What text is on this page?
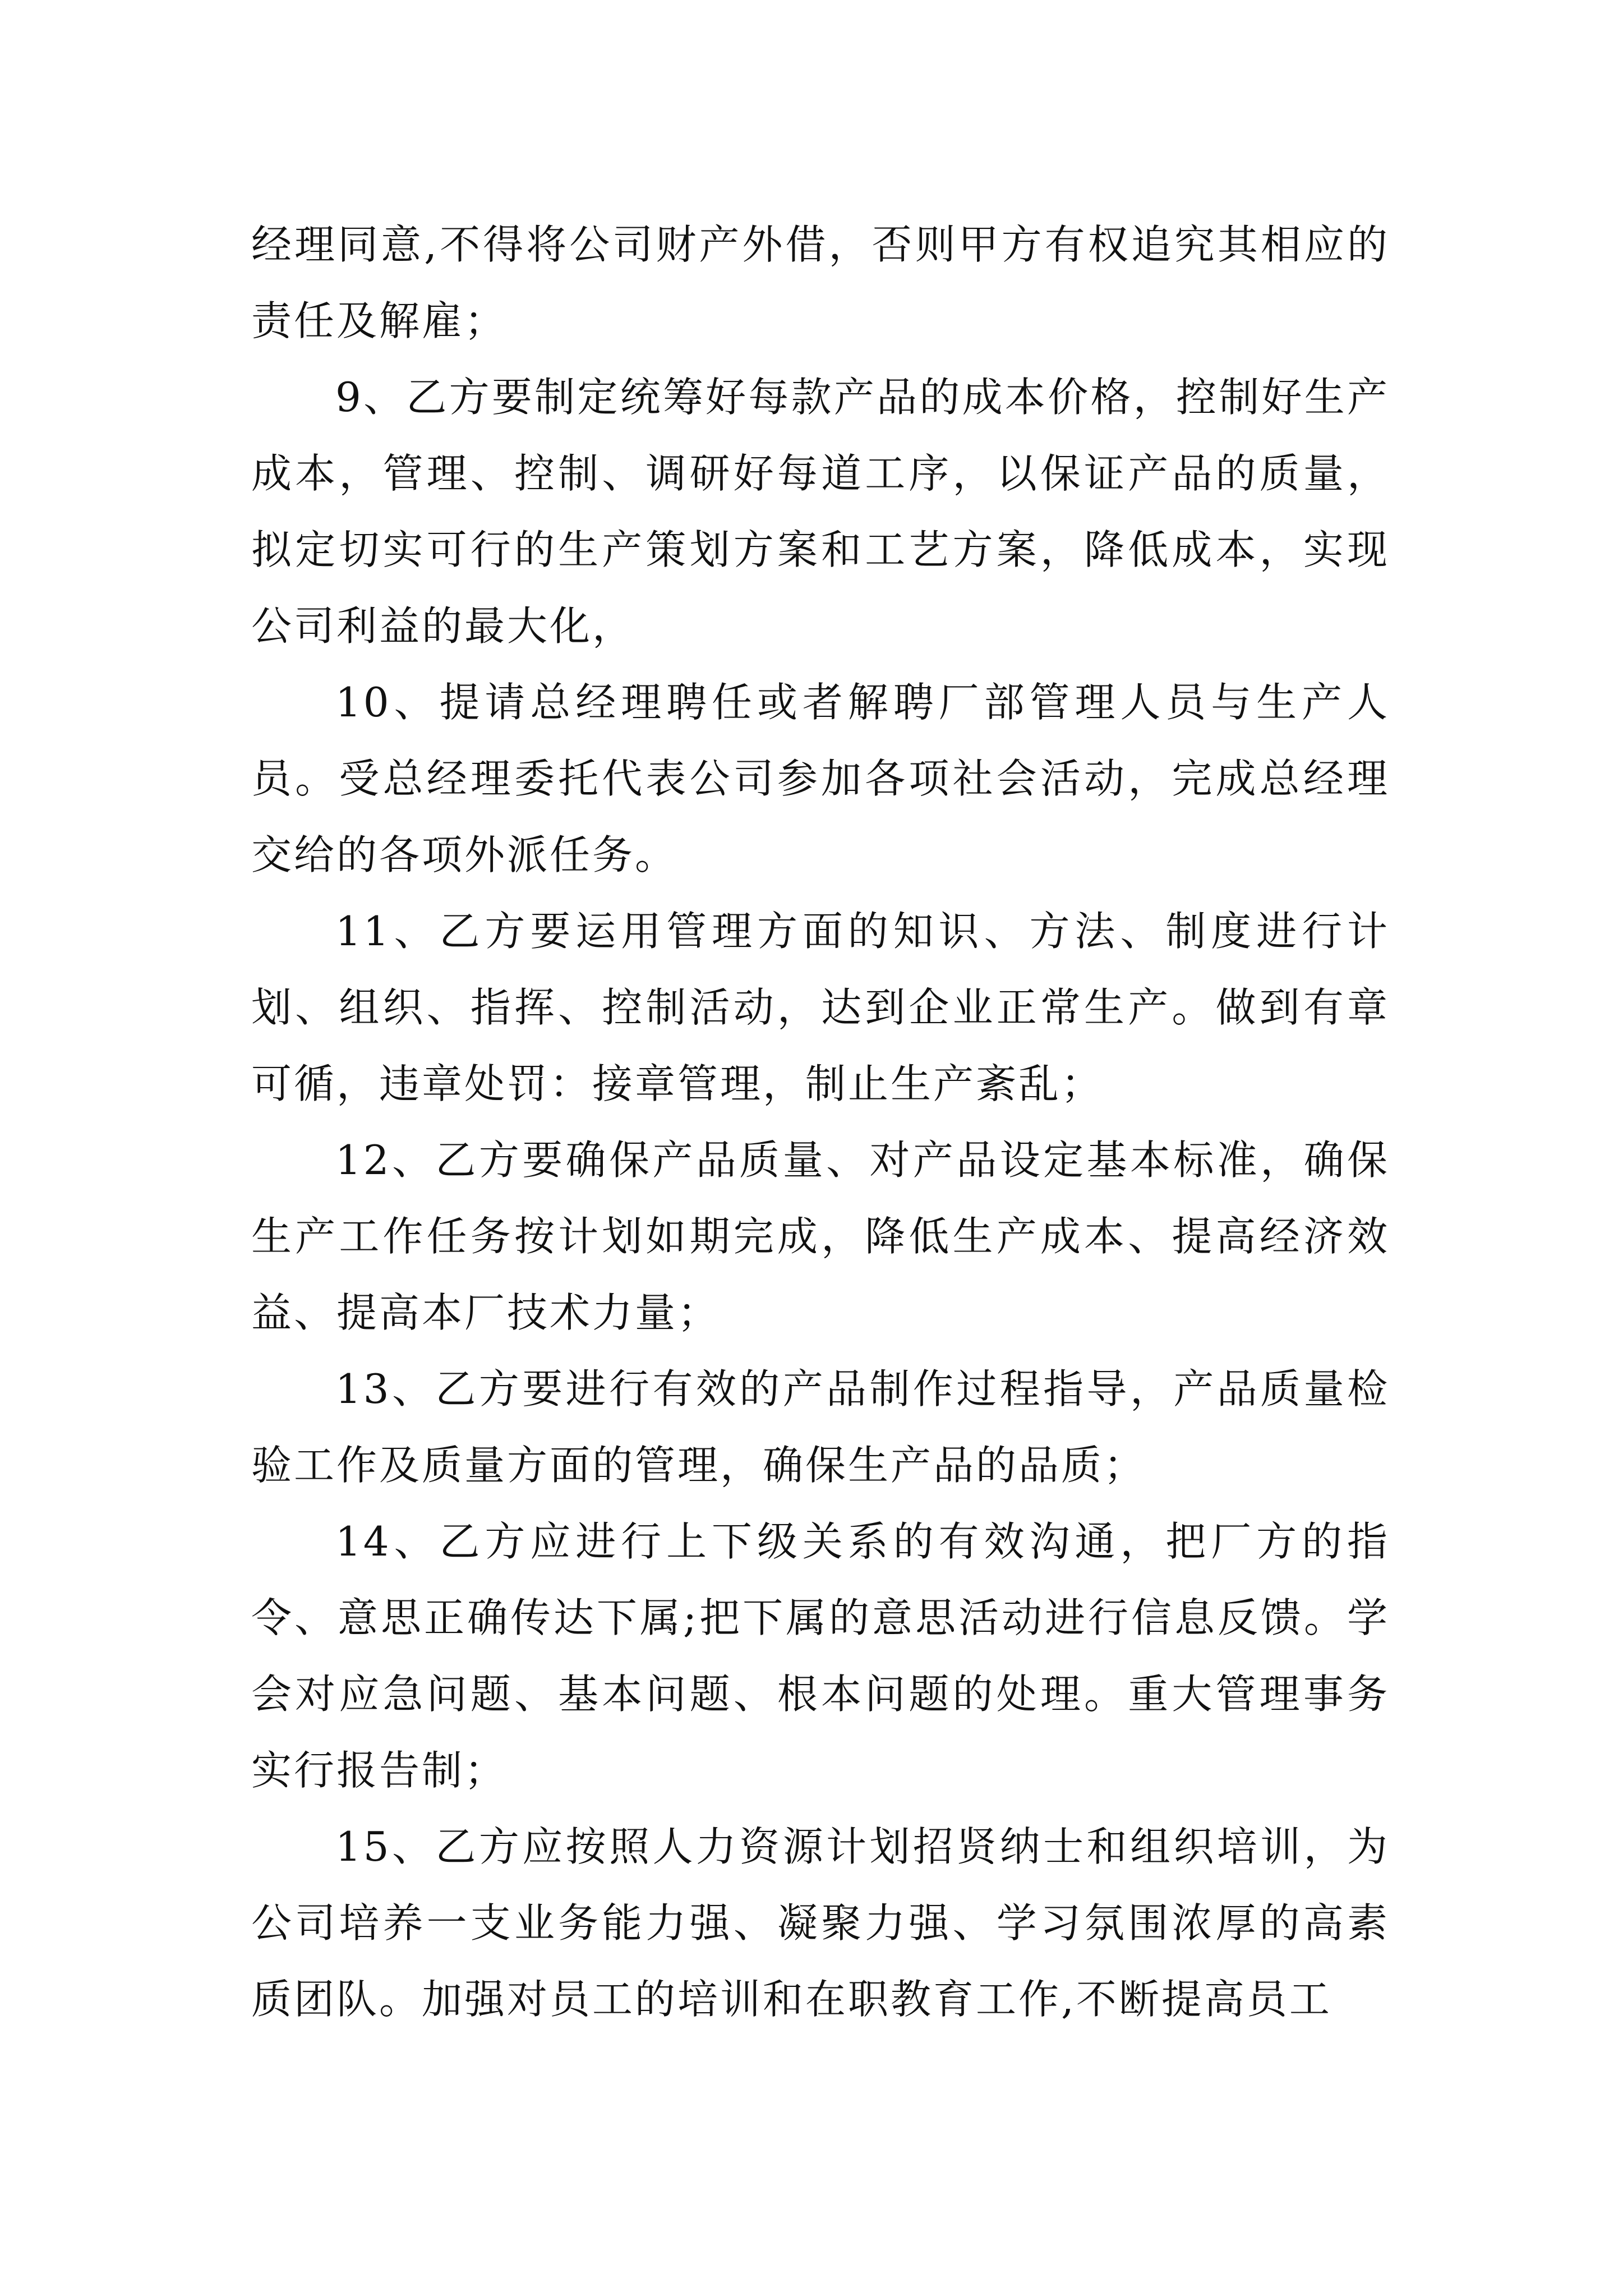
经理同意,不得将公司财产外借，否则甲方有权追究其相应的责任及解雇；

9、乙方要制定统筹好每款产品的成本价格，控制好生产成本，管理、控制、调研好每道工序，以保证产品的质量，拟定切实可行的生产策划方案和工艺方案，降低成本，实现公司利益的最大化，

10、提请总经理聘任或者解聘厂部管理人员与生产人员。受总经理委托代表公司参加各项社会活动，完成总经理交给的各项外派任务。

11、乙方要运用管理方面的知识、方法、制度进行计划、组织、指挥、控制活动，达到企业正常生产。做到有章可循，违章处罚：接章管理，制止生产紊乱；

12、乙方要确保产品质量、对产品设定基本标准，确保生产工作任务按计划如期完成，降低生产成本、提高经济效益、提高本厂技术力量；

13、乙方要进行有效的产品制作过程指导，产品质量检验工作及质量方面的管理，确保生产品的品质；

14、乙方应进行上下级关系的有效沟通，把厂方的指令、意思正确传达下属;把下属的意思活动进行信息反馈。学会对应急问题、基本问题、根本问题的处理。重大管理事务实行报告制；

15、乙方应按照人力资源计划招贤纳士和组织培训，为公司培养一支业务能力强、凝聚力强、学习氛围浓厚的高素质团队。加强对员工的培训和在职教育工作,不断提高员工
